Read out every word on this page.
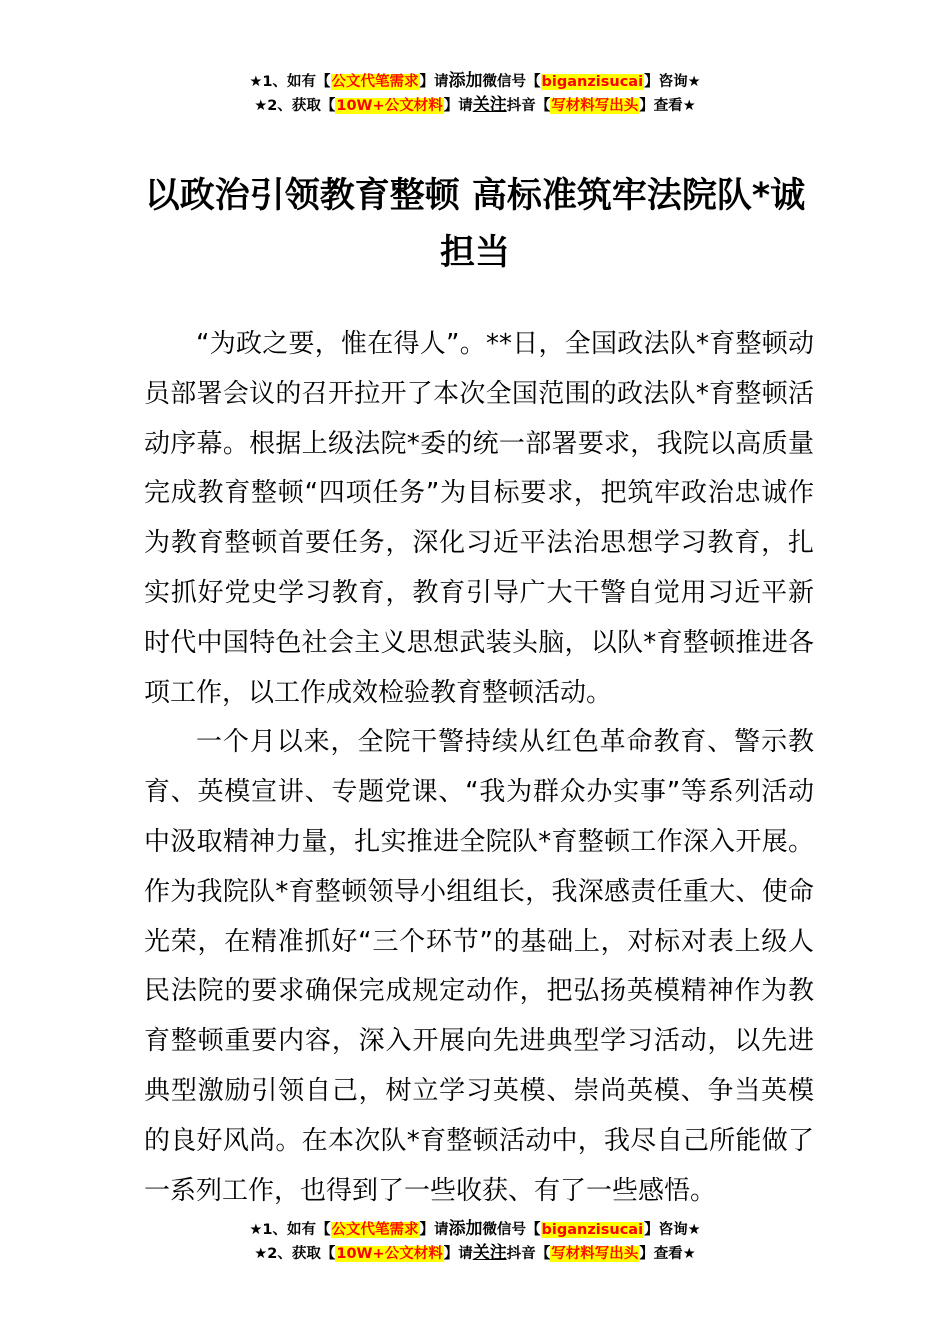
★1、如有【公文代笔需求】请添加微信号【biganzisucai】咨询★
★2、获取【10W+公文材料】请关注抖音【写材料写出头】查看★
以政治引领教育整顿 高标准筑牢法院队*诚
担当

“为政之要，惟在得人”。**日，全国政法队*育整顿动员部署会议的召开拉开了本次全国范围的政法队*育整顿活动序幕。根据上级法院*委的统一部署要求，我院以高质量完成教育整顿“四项任务”为目标要求，把筑牢政治忠诚作为教育整顿首要任务，深化习近平法治思想学习教育，扎实抓好党史学习教育，教育引导广大干警自觉用习近平新时代中国特色社会主义思想武装头脑，以队*育整顿推进各项工作，以工作成效检验教育整顿活动。

一个月以来，全院干警持续从红色革命教育、警示教育、英模宣讲、专题党课、“我为群众办实事”等系列活动中汲取精神力量，扎实推进全院队*育整顿工作深入开展。作为我院队*育整顿领导小组组长，我深感责任重大、使命光荣，在精准抓好“三个环节”的基础上，对标对表上级人民法院的要求确保完成规定动作，把弘扬英模精神作为教育整顿重要内容，深入开展向先进典型学习活动，以先进典型激励引领自己，树立学习英模、崇尚英模、争当英模的良好风尚。在本次队*育整顿活动中，我尽自己所能做了一系列工作，也得到了一些收获、有了一些感悟。

★1、如有【公文代笔需求】请添加微信号【biganzisucai】咨询★
★2、获取【10W+公文材料】请关注抖音【写材料写出头】查看★
